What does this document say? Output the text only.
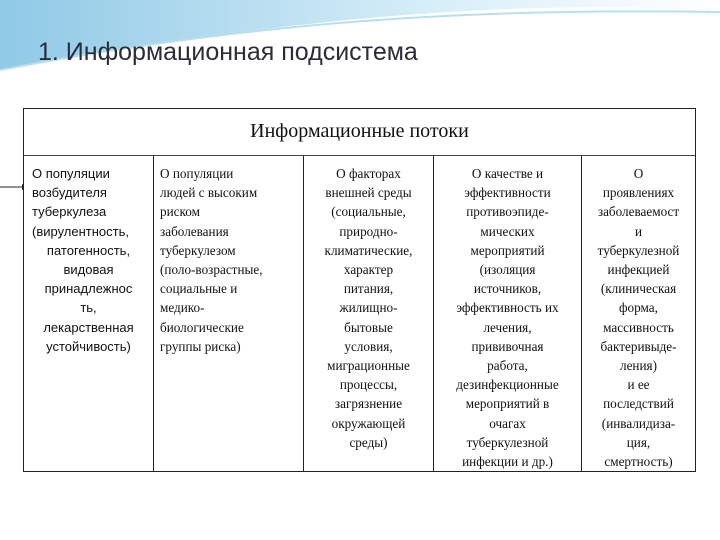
1. Информационная подсистема
Информационные потоки
О популяции
возбудителя
туберкулеза
(вирулентность,
патогенность,
видовая
принадлежнос
ть,
лекарственная
устойчивость)
О популяции
людей с высоким
риском
заболевания
туберкулезом
(поло-возрастные,
социальные и
медико-
биологические
группы риска)
О факторах
внешней среды
(социальные,
природно-
климатические,
характер
питания,
жилищно-
бытовые
условия,
миграционные
процессы,
загрязнение
окружающей
среды)
О качестве и
эффективности
противоэпиде-
мических
мероприятий
(изоляция
источников,
эффективность их
лечения,
прививочная
работа,
дезинфекционные
мероприятий в
очагах
туберкулезной
инфекции и др.)
О
проявлениях
заболеваемост
и
туберкулезной
инфекцией
(клиническая
форма,
массивность
бактеривыде-
ления)
и ее
последствий
(инвалидиза-
ция,
смертность)
